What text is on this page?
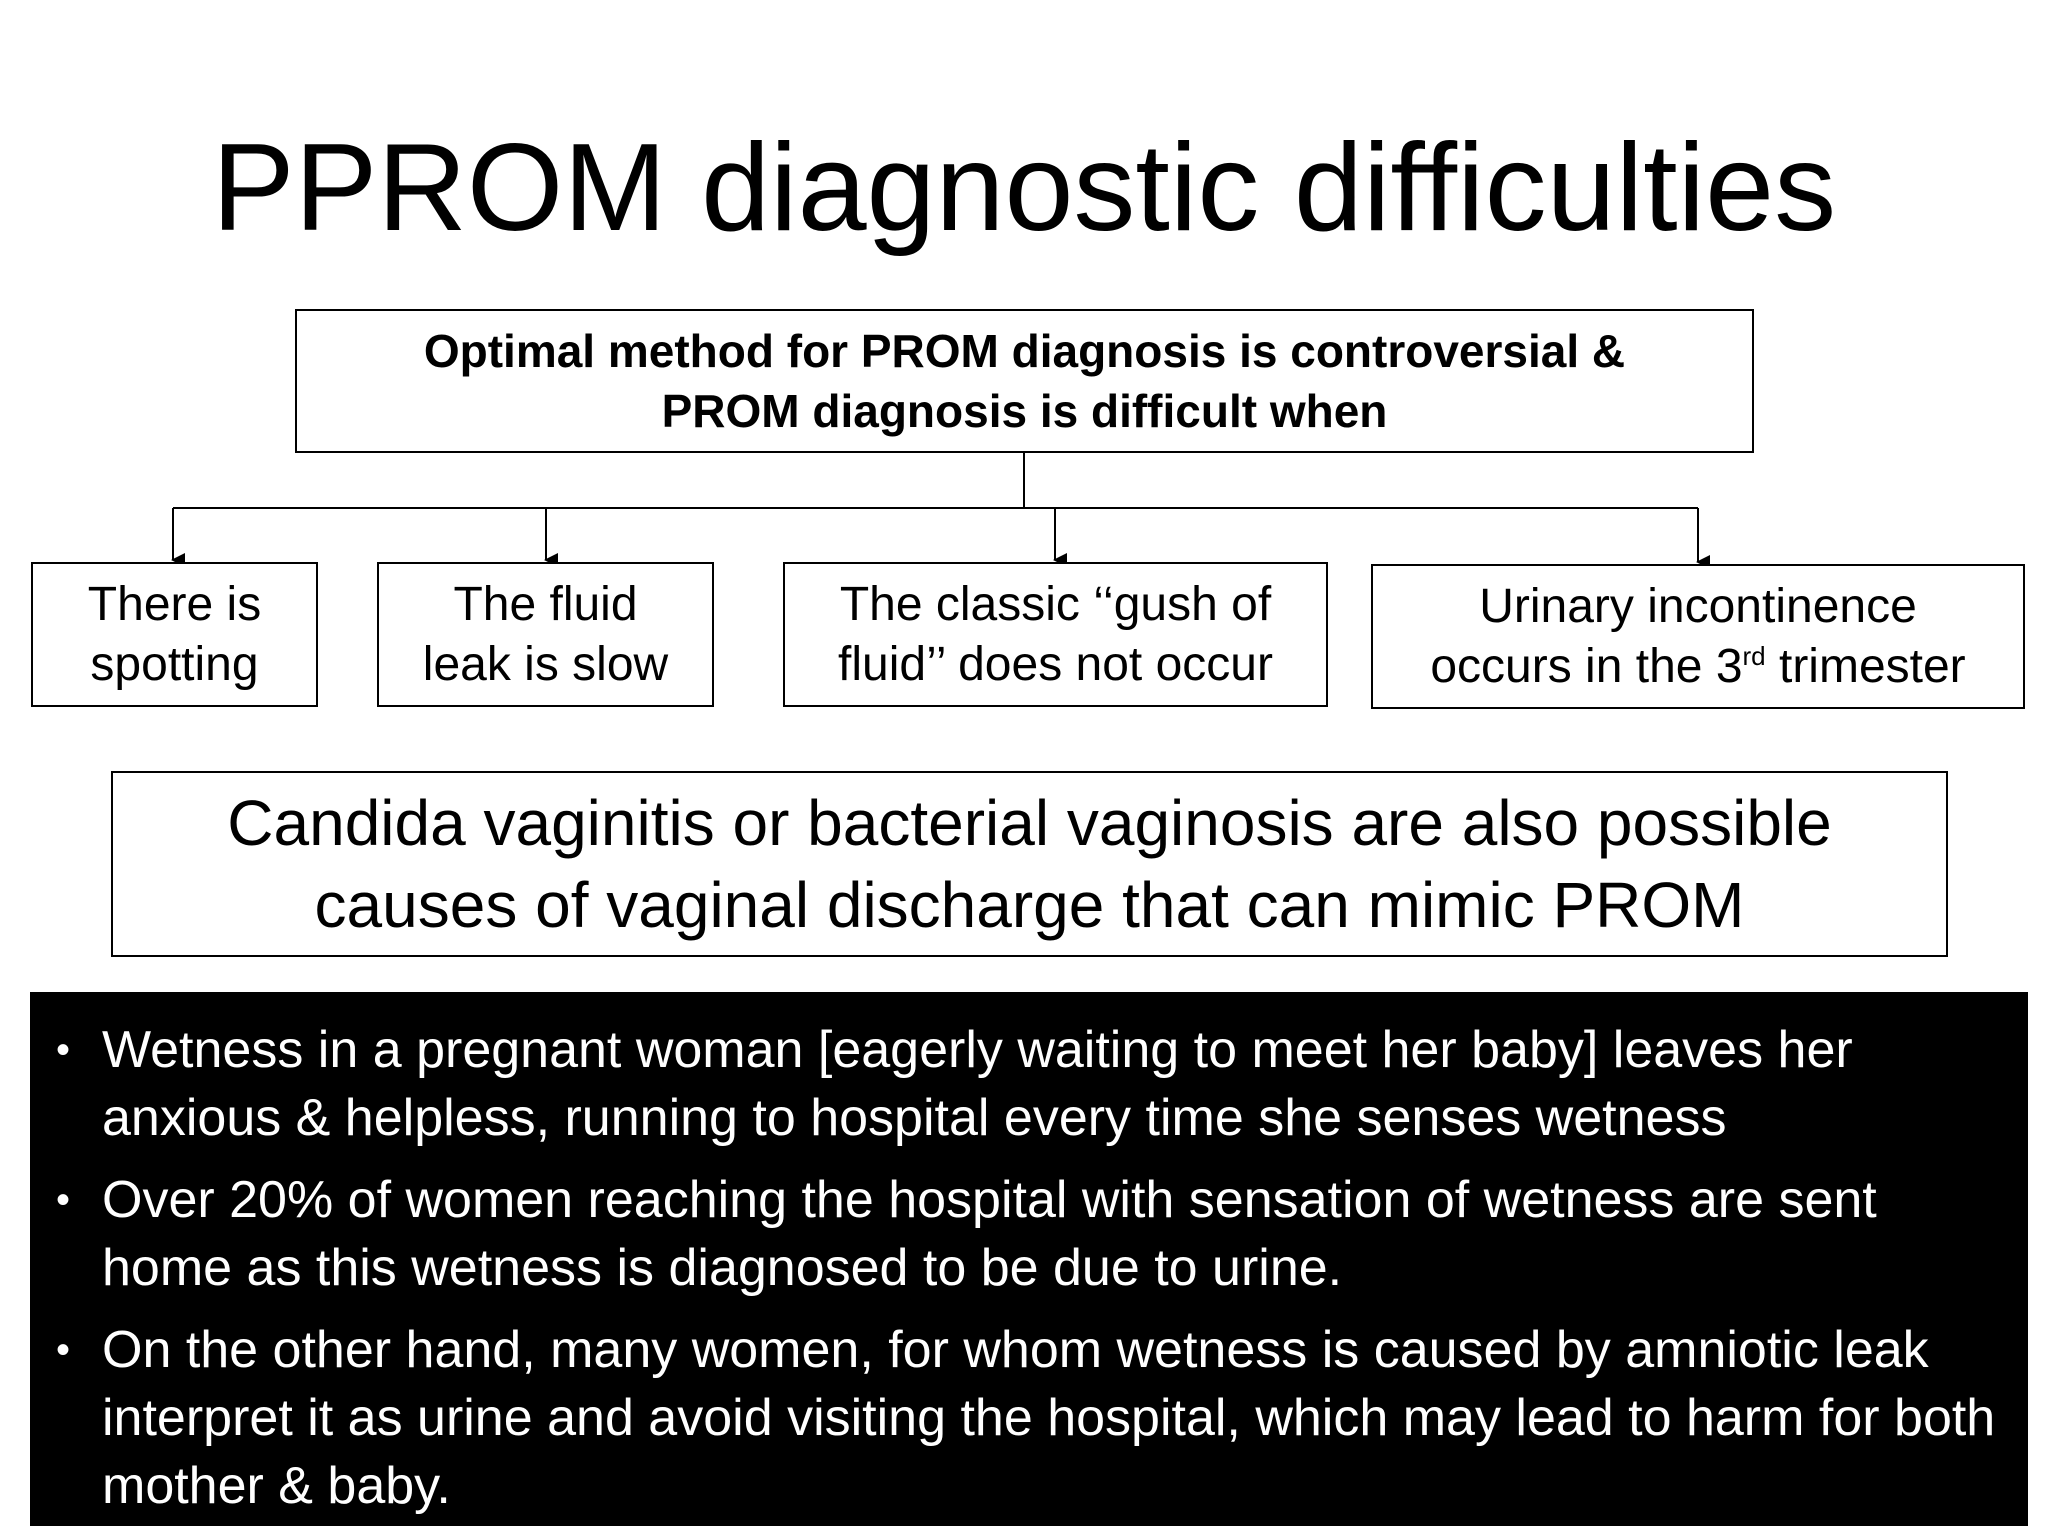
PPROM diagnostic difficulties
Optimal method for PROM diagnosis is controversial &
PROM diagnosis is difficult when
There is
spotting
The fluid
leak is slow
The classic ‘‘gush of
fluid’’ does not occur
Urinary incontinence
occurs in the 3rd trimester
Candida vaginitis or bacterial vaginosis are also possible
causes of vaginal discharge that can mimic PROM
• Wetness in a pregnant woman [eagerly waiting to meet her baby] leaves her anxious & helpless, running to hospital every time she senses wetness
• Over 20% of women reaching the hospital with sensation of wetness are sent home as this wetness is diagnosed to be due to urine.
• On the other hand, many women, for whom wetness is caused by amniotic leak interpret it as urine and avoid visiting the hospital, which may lead to harm for both mother & baby.
